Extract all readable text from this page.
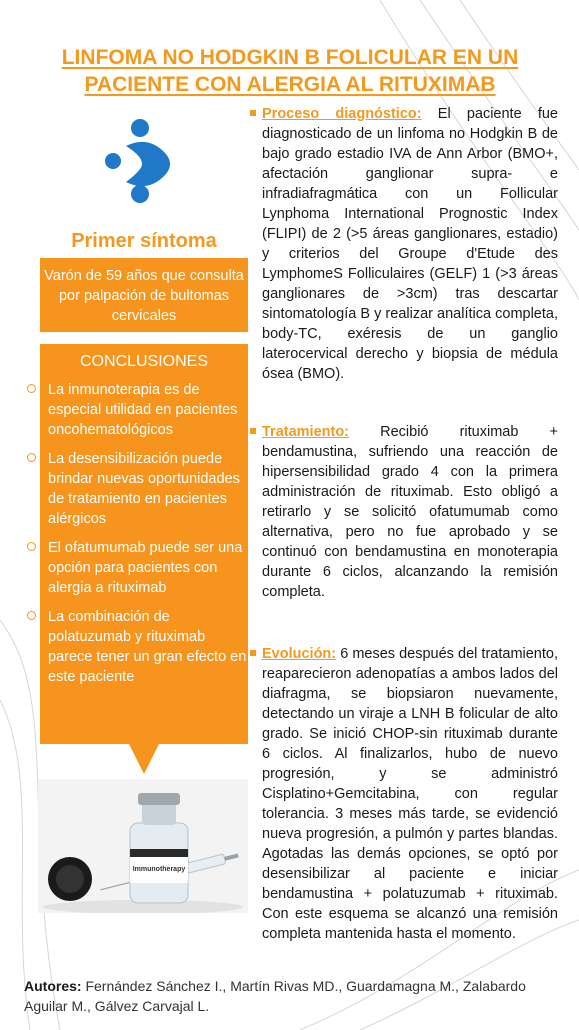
LINFOMA NO HODGKIN B FOLICULAR EN UN PACIENTE CON ALERGIA AL RITUXIMAB
Primer síntoma
Varón de 59 años que consulta por palpación de bultomas cervicales
CONCLUSIONES
La inmunoterapia es de especial utilidad en pacientes oncohematológicos
La desensibilización puede brindar nuevas oportunidades de tratamiento en pacientes alérgicos
El ofatumumab puede ser una opción para pacientes con alergia a rituximab
La combinación de polatuzumab y rituximab parece tener un gran efecto en este paciente
Immunotherapy
Proceso diagnóstico: El paciente fue diagnosticado de un linfoma no Hodgkin B de bajo grado estadio IVA de Ann Arbor (BMO+, afectación ganglionar supra- e infradiafragmática con un Follicular Lynphoma International Prognostic Index (FLIPI) de 2 (>5 áreas ganglionares, estadio) y criterios del Groupe d'Etude des LymphomeS Folliculaires (GELF) 1 (>3 áreas ganglionares de >3cm) tras descartar sintomatología B y realizar analítica completa, body-TC, exéresis de un ganglio laterocervical derecho y biopsia de médula ósea (BMO).
Tratamiento: Recibió rituximab + bendamustina, sufriendo una reacción de hipersensibilidad grado 4 con la primera administración de rituximab. Esto obligó a retirarlo y se solicitó ofatumumab como alternativa, pero no fue aprobado y se continuó con bendamustina en monoterapia durante 6 ciclos, alcanzando la remisión completa.
Evolución: 6 meses después del tratamiento, reaparecieron adenopatías a ambos lados del diafragma, se biopsiaron nuevamente, detectando un viraje a LNH B folicular de alto grado. Se inició CHOP-sin rituximab durante 6 ciclos. Al finalizarlos, hubo de nuevo progresión, y se administró Cisplatino+Gemcitabina, con regular tolerancia. 3 meses más tarde, se evidenció nueva progresión, a pulmón y partes blandas. Agotadas las demás opciones, se optó por desensibilizar al paciente e iniciar bendamustina + polatuzumab + rituximab. Con este esquema se alcanzó una remisión completa mantenida hasta el momento.
Autores: Fernández Sánchez I., Martín Rivas MD., Guardamagna M., Zalabardo Aguilar M., Gálvez Carvajal L.
